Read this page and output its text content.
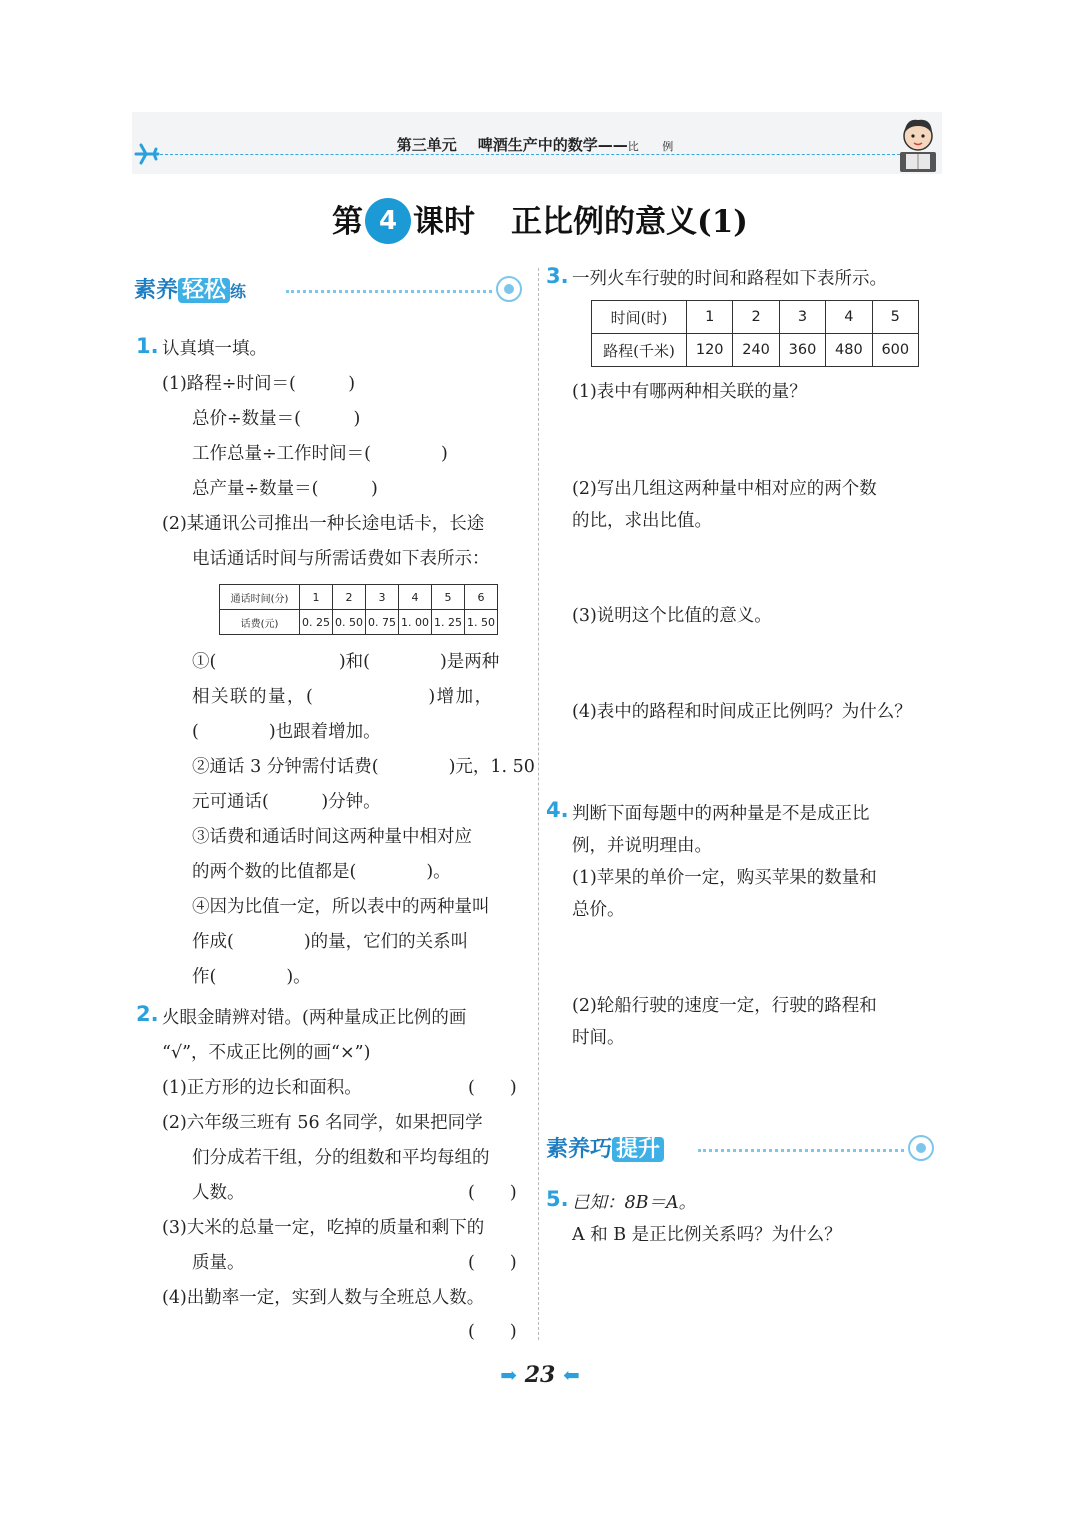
第三单元 啤酒生产中的数学——比 例
第 4 课时 正比例的意义(1)
素养 轻松 练
素养巧 提升
1. 认真填一填。
(1)路程÷时间＝(　　　)
总价÷数量＝(　　　)
工作总量÷工作时间＝(　　　　)
总产量÷数量＝(　　　)
(2)某通讯公司推出一种长途电话卡，长途
电话通话时间与所需话费如下表所示：
通话时间(分)	1	2	3	4	5	6
话费(元)	0. 25	0. 50	0. 75	1. 00	1. 25	1. 50
①(　　　　　　　)和(　　　　)是两种
相关联的量，(　　　　　　)增加，
(　　　　)也跟着增加。
②通话 3 分钟需付话费(　　　　)元，1. 50
元可通话(　　　)分钟。
③话费和通话时间这两种量中相对应
的两个数的比值都是(　　　　)。
④因为比值一定，所以表中的两种量叫
作成(　　　　)的量，它们的关系叫
作(　　　　)。
2. 火眼金睛辨对错。(两种量成正比例的画
“√”，不成正比例的画“×”)
(1)正方形的边长和面积。	(　　)
(2)六年级三班有 56 名同学，如果把同学
们分成若干组，分的组数和平均每组的
人数。	(　　)
(3)大米的总量一定，吃掉的质量和剩下的
质量。	(　　)
(4)出勤率一定，实到人数与全班总人数。
(　　)
3. 一列火车行驶的时间和路程如下表所示。
时间(时)	1	2	3	4	5
路程(千米)	120	240	360	480	600
(1)表中有哪两种相关联的量？
(2)写出几组这两种量中相对应的两个数
的比，求出比值。
(3)说明这个比值的意义。
(4)表中的路程和时间成正比例吗？为什么？
4. 判断下面每题中的两种量是不是成正比
例，并说明理由。
(1)苹果的单价一定，购买苹果的数量和
总价。
(2)轮船行驶的速度一定，行驶的路程和
时间。
5. 已知：8B＝A。
A 和 B 是正比例关系吗？为什么？
➡ 23 ⬅
